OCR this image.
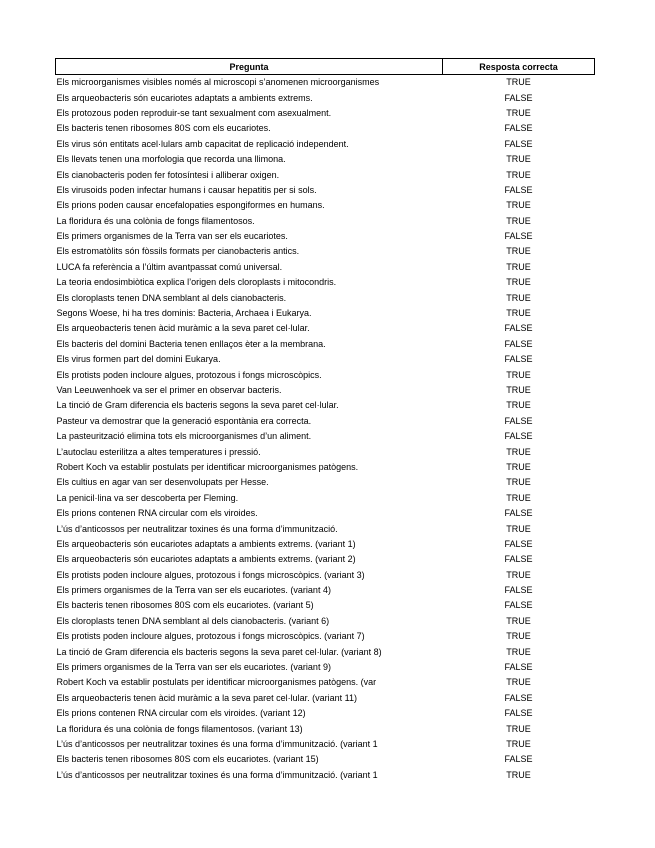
Pregunta	Resposta correcta
Els microorganismes visibles només al microscopi s’anomenen microorganismes	TRUE
Els arqueobacteris són eucariotes adaptats a ambients extrems.	FALSE
Els protozous poden reproduir-se tant sexualment com asexualment.	TRUE
Els bacteris tenen ribosomes 80S com els eucariotes.	FALSE
Els virus són entitats acel·lulars amb capacitat de replicació independent.	FALSE
Els llevats tenen una morfologia que recorda una llimona.	TRUE
Els cianobacteris poden fer fotosíntesi i alliberar oxigen.	TRUE
Els virusoids poden infectar humans i causar hepatitis per si sols.	FALSE
Els prions poden causar encefalopaties espongiformes en humans.	TRUE
La floridura és una colònia de fongs filamentosos.	TRUE
Els primers organismes de la Terra van ser els eucariotes.	FALSE
Els estromatòlits són fòssils formats per cianobacteris antics.	TRUE
LUCA fa referència a l’últim avantpassat comú universal.	TRUE
La teoria endosimbiòtica explica l’origen dels cloroplasts i mitocondris.	TRUE
Els cloroplasts tenen DNA semblant al dels cianobacteris.	TRUE
Segons Woese, hi ha tres dominis: Bacteria, Archaea i Eukarya.	TRUE
Els arqueobacteris tenen àcid muràmic a la seva paret cel·lular.	FALSE
Els bacteris del domini Bacteria tenen enllaços èter a la membrana.	FALSE
Els virus formen part del domini Eukarya.	FALSE
Els protists poden incloure algues, protozous i fongs microscòpics.	TRUE
Van Leeuwenhoek va ser el primer en observar bacteris.	TRUE
La tinció de Gram diferencia els bacteris segons la seva paret cel·lular.	TRUE
Pasteur va demostrar que la generació espontània era correcta.	FALSE
La pasteurització elimina tots els microorganismes d’un aliment.	FALSE
L’autoclau esterilitza a altes temperatures i pressió.	TRUE
Robert Koch va establir postulats per identificar microorganismes patògens.	TRUE
Els cultius en agar van ser desenvolupats per Hesse.	TRUE
La penicil·lina va ser descoberta per Fleming.	TRUE
Els prions contenen RNA circular com els viroides.	FALSE
L’ús d’anticossos per neutralitzar toxines és una forma d’immunització.	TRUE
Els arqueobacteris són eucariotes adaptats a ambients extrems. (variant 1)	FALSE
Els arqueobacteris són eucariotes adaptats a ambients extrems. (variant 2)	FALSE
Els protists poden incloure algues, protozous i fongs microscòpics. (variant 3)	TRUE
Els primers organismes de la Terra van ser els eucariotes. (variant 4)	FALSE
Els bacteris tenen ribosomes 80S com els eucariotes. (variant 5)	FALSE
Els cloroplasts tenen DNA semblant al dels cianobacteris. (variant 6)	TRUE
Els protists poden incloure algues, protozous i fongs microscòpics. (variant 7)	TRUE
La tinció de Gram diferencia els bacteris segons la seva paret cel·lular. (variant 8)	TRUE
Els primers organismes de la Terra van ser els eucariotes. (variant 9)	FALSE
Robert Koch va establir postulats per identificar microorganismes patògens. (var	TRUE
Els arqueobacteris tenen àcid muràmic a la seva paret cel·lular. (variant 11)	FALSE
Els prions contenen RNA circular com els viroides. (variant 12)	FALSE
La floridura és una colònia de fongs filamentosos. (variant 13)	TRUE
L’ús d’anticossos per neutralitzar toxines és una forma d’immunització. (variant 1	TRUE
Els bacteris tenen ribosomes 80S com els eucariotes. (variant 15)	FALSE
L’ús d’anticossos per neutralitzar toxines és una forma d’immunització. (variant 1	TRUE
